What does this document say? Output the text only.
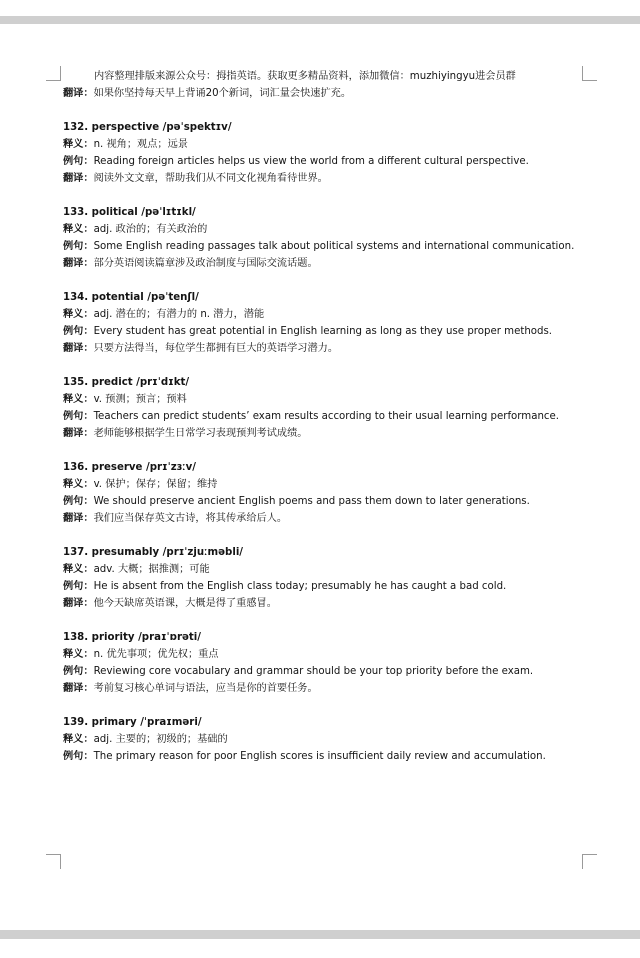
内容整理排版来源公众号：拇指英语。获取更多精品资料，添加微信：muzhiyingyu进会员群
翻译：如果你坚持每天早上背诵20个新词，词汇量会快速扩充。
132. perspective /pəˈspektɪv/
释义：n. 视角；观点；远景
例句：Reading foreign articles helps us view the world from a different cultural perspective.
翻译：阅读外文文章，帮助我们从不同文化视角看待世界。
133. political /pəˈlɪtɪkl/
释义：adj. 政治的；有关政治的
例句：Some English reading passages talk about political systems and international communication.
翻译：部分英语阅读篇章涉及政治制度与国际交流话题。
134. potential /pəˈtenʃl/
释义：adj. 潜在的；有潜力的 n. 潜力，潜能
例句：Every student has great potential in English learning as long as they use proper methods.
翻译：只要方法得当，每位学生都拥有巨大的英语学习潜力。
135. predict /prɪˈdɪkt/
释义：v. 预测；预言；预料
例句：Teachers can predict students’ exam results according to their usual learning performance.
翻译：老师能够根据学生日常学习表现预判考试成绩。
136. preserve /prɪˈzɜːv/
释义：v. 保护；保存；保留；维持
例句：We should preserve ancient English poems and pass them down to later generations.
翻译：我们应当保存英文古诗，将其传承给后人。
137. presumably /prɪˈzjuːməbli/
释义：adv. 大概；据推测；可能
例句：He is absent from the English class today; presumably he has caught a bad cold.
翻译：他今天缺席英语课，大概是得了重感冒。
138. priority /praɪˈɒrəti/
释义：n. 优先事项；优先权；重点
例句：Reviewing core vocabulary and grammar should be your top priority before the exam.
翻译：考前复习核心单词与语法，应当是你的首要任务。
139. primary /ˈpraɪməri/
释义：adj. 主要的；初级的；基础的
例句：The primary reason for poor English scores is insufficient daily review and accumulation.
